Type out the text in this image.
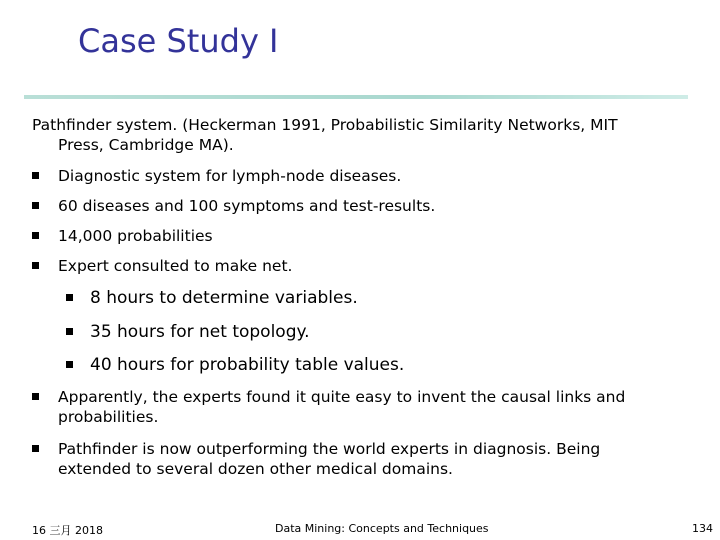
Case Study I
Pathfinder system. (Heckerman 1991, Probabilistic Similarity Networks, MIT
Press, Cambridge MA).
Diagnostic system for lymph-node diseases.
60 diseases and 100 symptoms and test-results.
14,000 probabilities
Expert consulted to make net.
8 hours to determine variables.
35 hours for net topology.
40 hours for probability table values.
Apparently, the experts found it quite easy to invent the causal links and probabilities.
Pathfinder is now outperforming the world experts in diagnosis. Being extended to several dozen other medical domains.
16 三月 2018	Data Mining: Concepts and Techniques	134
